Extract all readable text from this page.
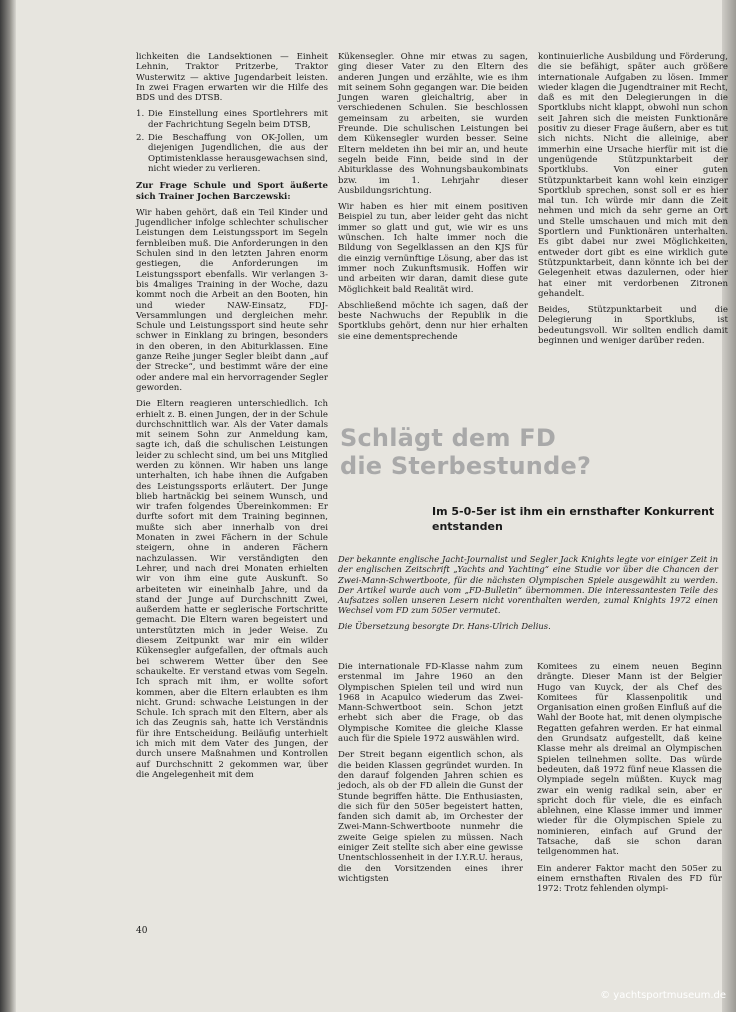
lichkeiten die Landsektionen — Einheit Lehnin, Traktor Pritzerbe, Traktor Wusterwitz — aktive Jugendarbeit leisten. In zwei Fragen erwarten wir die Hilfe des BDS und des DTSB.

1. Die Einstellung eines Sportlehrers mit der Fachrichtung Segeln beim DTSB,
2. Die Beschaffung von OK-Jollen, um diejenigen Jugendlichen, die aus der Optimistenklasse herausgewachsen sind, nicht wieder zu verlieren.

Zur Frage Schule und Sport äußerte sich Trainer Jochen Barczewski:

Wir haben gehört, daß ein Teil Kinder und Jugendlicher infolge schlechter schulischer Leistungen dem Leistungssport im Segeln fernbleiben muß. Die Anforderungen in den Schulen sind in den letzten Jahren enorm gestiegen, die Anforderungen im Leistungssport ebenfalls. Wir verlangen 3- bis 4maliges Training in der Woche, dazu kommt noch die Arbeit an den Booten, hin und wieder NAW-Einsatz, FDJ-Versammlungen und dergleichen mehr. Schule und Leistungssport sind heute sehr schwer in Einklang zu bringen, besonders in den oberen, in den Abiturklassen. Eine ganze Reihe junger Segler bleibt dann „auf der Strecke“, und bestimmt wäre der eine oder andere mal ein hervorragender Segler geworden.

Die Eltern reagieren unterschiedlich. Ich erhielt z. B. einen Jungen, der in der Schule durchschnittlich war. Als der Vater damals mit seinem Sohn zur Anmeldung kam, sagte ich, daß die schulischen Leistungen leider zu schlecht sind, um bei uns Mitglied werden zu können. Wir haben uns lange unterhalten, ich habe ihnen die Aufgaben des Leistungssports erläutert. Der Junge blieb hartnäckig bei seinem Wunsch, und wir trafen folgendes Übereinkommen: Er durfte sofort mit dem Training beginnen, mußte sich aber innerhalb von drei Monaten in zwei Fächern in der Schule steigern, ohne in anderen Fächern nachzulassen. Wir verständigten den Lehrer, und nach drei Monaten erhielten wir von ihm eine gute Auskunft. So arbeiteten wir eineinhalb Jahre, und da stand der Junge auf Durchschnitt Zwei, außerdem hatte er seglerische Fortschritte gemacht. Die Eltern waren begeistert und unterstützten mich in jeder Weise. Zu diesem Zeitpunkt war mir ein wilder Kükensegler aufgefallen, der oftmals auch bei schwerem Wetter über den See schaukelte. Er verstand etwas vom Segeln. Ich sprach mit ihm, er wollte sofort kommen, aber die Eltern erlaubten es ihm nicht. Grund: schwache Leistungen in der Schule. Ich sprach mit den Eltern, aber als ich das Zeugnis sah, hatte ich Verständnis für ihre Entscheidung. Beiläufig unterhielt ich mich mit dem Vater des Jungen, der durch unsere Maßnahmen und Kontrollen auf Durchschnitt 2 gekommen war, über die Angelegenheit mit dem

Kükensegler. Ohne mir etwas zu sagen, ging dieser Vater zu den Eltern des anderen Jungen und erzählte, wie es ihm mit seinem Sohn gegangen war. Die beiden Jungen waren gleichaltrig, aber in verschiedenen Schulen. Sie beschlossen gemeinsam zu arbeiten, sie wurden Freunde. Die schulischen Leistungen bei dem Kükensegler wurden besser. Seine Eltern meldeten ihn bei mir an, und heute segeln beide Finn, beide sind in der Abiturklasse des Wohnungsbaukombinats bzw. im 1. Lehrjahr dieser Ausbildungsrichtung.

Wir haben es hier mit einem positiven Beispiel zu tun, aber leider geht das nicht immer so glatt und gut, wie wir es uns wünschen. Ich halte immer noch die Bildung von Segelklassen an den KJS für die einzig vernünftige Lösung, aber das ist immer noch Zukunftsmusik. Hoffen wir und arbeiten wir daran, damit diese gute Möglichkeit bald Realität wird.

Abschließend möchte ich sagen, daß der beste Nachwuchs der Republik in die Sportklubs gehört, denn nur hier erhalten sie eine dementsprechende

kontinuierliche Ausbildung und Förderung, die sie befähigt, später auch größere internationale Aufgaben zu lösen. Immer wieder klagen die Jugendtrainer mit Recht, daß es mit den Delegierungen in die Sportklubs nicht klappt, obwohl nun schon seit Jahren sich die meisten Funktionäre positiv zu dieser Frage äußern, aber es tut sich nichts. Nicht die alleinige, aber immerhin eine Ursache hierfür mit ist die ungenügende Stützpunktarbeit der Sportklubs. Von einer guten Stützpunktarbeit kann wohl kein einziger Sportklub sprechen, sonst soll er es hier mal tun. Ich würde mir dann die Zeit nehmen und mich da sehr gerne an Ort und Stelle umschauen und mich mit den Sportlern und Funktionären unterhalten. Es gibt dabei nur zwei Möglichkeiten, entweder dort gibt es eine wirklich gute Stützpunktarbeit, dann könnte ich bei der Gelegenheit etwas dazulernen, oder hier hat einer mit verdorbenen Zitronen gehandelt.

Beides, Stützpunktarbeit und die Delegierung in Sportklubs, ist bedeutungsvoll. Wir sollten endlich damit beginnen und weniger darüber reden.

Schlägt dem FD
die Sterbestunde?
Im 5-0-5er ist ihm ein ernsthafter Konkurrent entstanden

Der bekannte englische Jacht-Journalist und Segler Jack Knights legte vor einiger Zeit in der englischen Zeitschrift „Yachts and Yachting“ eine Studie vor über die Chancen der Zwei-Mann-Schwertboote, für die nächsten Olympischen Spiele ausgewählt zu werden. Der Artikel wurde auch vom „FD-Bulletin“ übernommen. Die interessantesten Teile des Aufsatzes sollen unseren Lesern nicht vorenthalten werden, zumal Knights 1972 einen Wechsel vom FD zum 505er vermutet.

Die Übersetzung besorgte Dr. Hans-Ulrich Delius.

Die internationale FD-Klasse nahm zum erstenmal im Jahre 1960 an den Olympischen Spielen teil und wird nun 1968 in Acapulco wiederum das Zwei-Mann-Schwertboot sein. Schon jetzt erhebt sich aber die Frage, ob das Olympische Komitee die gleiche Klasse auch für die Spiele 1972 auswählen wird.

Der Streit begann eigentlich schon, als die beiden Klassen gegründet wurden. In den darauf folgenden Jahren schien es jedoch, als ob der FD allein die Gunst der Stunde begriffen hätte. Die Enthusiasten, die sich für den 505er begeistert hatten, fanden sich damit ab, im Orchester der Zwei-Mann-Schwertboote nunmehr die zweite Geige spielen zu müssen. Nach einiger Zeit stellte sich aber eine gewisse Unentschlossenheit in der I.Y.R.U. heraus, die den Vorsitzenden eines ihrer wichtigsten

Komitees zu einem neuen Beginn drängte. Dieser Mann ist der Belgier Hugo van Kuyck, der als Chef des Komitees für Klassenpolitik und Organisation einen großen Einfluß auf die Wahl der Boote hat, mit denen olympische Regatten gefahren werden. Er hat einmal den Grundsatz aufgestellt, daß keine Klasse mehr als dreimal an Olympischen Spielen teilnehmen sollte. Das würde bedeuten, daß 1972 fünf neue Klassen die Olympiade segeln müßten. Kuyck mag zwar ein wenig radikal sein, aber er spricht doch für viele, die es einfach ablehnen, eine Klasse immer und immer wieder für die Olympischen Spiele zu nominieren, einfach auf Grund der Tatsache, daß sie schon daran teilgenommen hat.

Ein anderer Faktor macht den 505er zu einem ernsthaften Rivalen des FD für 1972: Trotz fehlenden olympi-

40
© yachtsportmuseum.de
